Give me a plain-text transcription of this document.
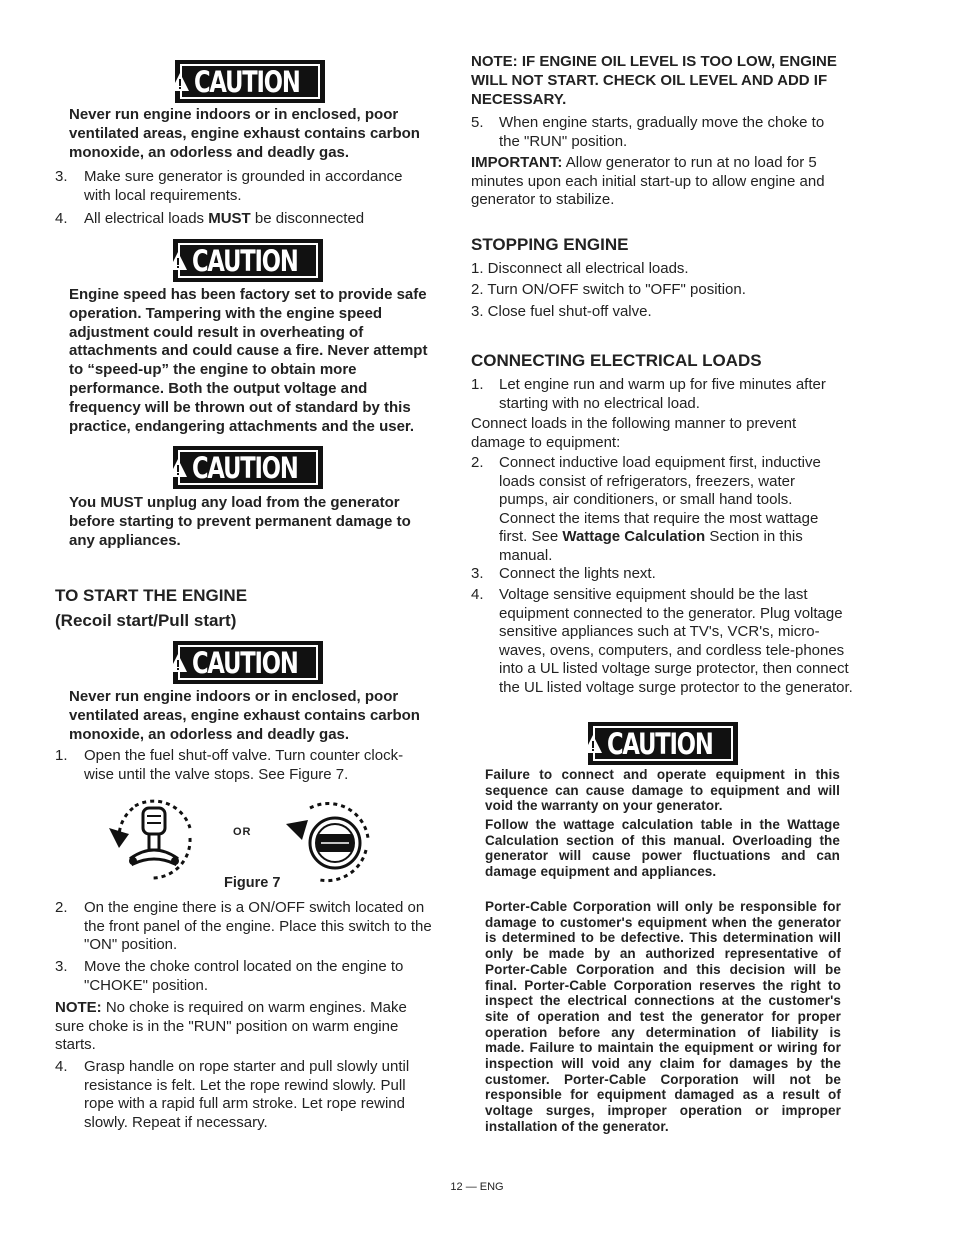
CAUTION
Never run engine indoors or in enclosed, poor ventilated areas, engine exhaust contains carbon monoxide, an odorless and deadly gas.
3. Make sure generator is grounded in accordance with local requirements.
4. All electrical loads MUST be disconnected
CAUTION
Engine speed has been factory set to provide safe operation. Tampering with the engine speed adjustment could result in overheating of attachments and could cause a fire. Never attempt to “speed-up” the engine to obtain more performance. Both the output voltage and frequency will be thrown out of standard by this practice, endangering attachments and the user.
CAUTION
You MUST unplug any load from the generator before starting to prevent permanent damage to any appliances.
TO START THE ENGINE
(Recoil start/Pull start)
CAUTION
Never run engine indoors or in enclosed, poor ventilated areas, engine exhaust contains carbon monoxide, an odorless and deadly gas.
1. Open the fuel shut-off valve. Turn counter clock-wise until the valve stops. See Figure 7.
OR
Figure 7
2. On the engine there is a ON/OFF switch located on the front panel of the engine. Place this switch to the "ON" position.
3. Move the choke control located on the engine to "CHOKE" position.
NOTE: No choke is required on warm engines. Make sure choke is in the "RUN" position on warm engine starts.
4. Grasp handle on rope starter and pull slowly until resistance is felt. Let the rope rewind slowly. Pull rope with a rapid full arm stroke. Let rope rewind slowly. Repeat if necessary.
NOTE: IF ENGINE OIL LEVEL IS TOO LOW, ENGINE WILL NOT START. CHECK OIL LEVEL AND ADD IF NECESSARY.
5. When engine starts, gradually move the choke to the "RUN" position.
IMPORTANT: Allow generator to run at no load for 5 minutes upon each initial start-up to allow engine and generator to stabilize.
STOPPING ENGINE
1. Disconnect all electrical loads.
2. Turn ON/OFF switch to "OFF" position.
3. Close fuel shut-off valve.
CONNECTING ELECTRICAL LOADS
1. Let engine run and warm up for five minutes after starting with no electrical load.
Connect loads in the following manner to prevent damage to equipment:
2. Connect inductive load equipment first, inductive loads consist of refrigerators, freezers, water pumps, air conditioners, or small hand tools. Connect the items that require the most wattage first. See Wattage Calculation Section in this manual.
3. Connect the lights next.
4. Voltage sensitive equipment should be the last equipment connected to the generator. Plug voltage sensitive appliances such at TV's, VCR's, micro-waves, ovens, computers, and cordless tele-phones into a UL listed voltage surge protector, then connect the UL listed voltage surge protector to the generator.
CAUTION
Failure to connect and operate equipment in this sequence can cause damage to equipment and will void the warranty on your generator.
Follow the wattage calculation table in the Wattage Calculation section of this manual. Overloading the generator will cause power fluctuations and can damage equipment and appliances.
Porter-Cable Corporation will only be responsible for damage to customer's equipment when the generator is determined to be defective. This determination will only be made by an authorized representative of Porter-Cable Corporation and this decision will be final. Porter-Cable Corporation reserves the right to inspect the electrical connections at the customer's site of operation and test the generator for proper operation before any determination of liability is made. Failure to maintain the equipment or wiring for inspection will void any claim for damages by the customer. Porter-Cable Corporation will not be responsible for equipment damaged as a result of voltage surges, improper operation or improper installation of the generator.
12 — ENG
